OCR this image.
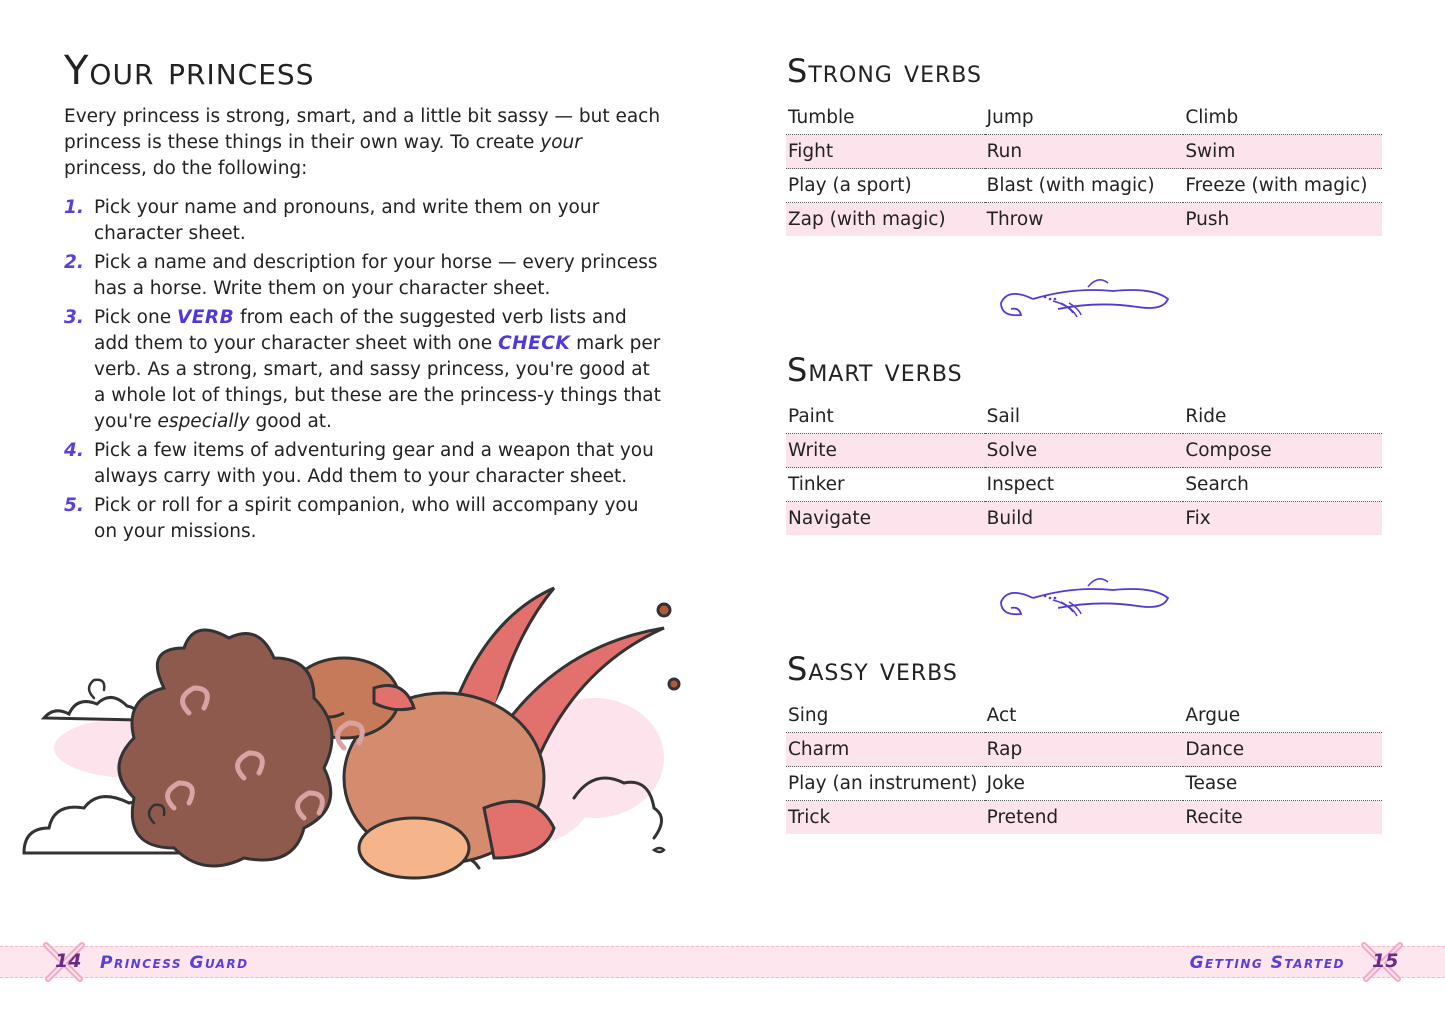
Your princess

Every princess is strong, smart, and a little bit sassy — but each princess is these things in their own way. To create your princess, do the following:

1. Pick your name and pronouns, and write them on your character sheet.
2. Pick a name and description for your horse — every princess has a horse. Write them on your character sheet.
3. Pick one VERB from each of the suggested verb lists and add them to your character sheet with one CHECK mark per verb. As a strong, smart, and sassy princess, you're good at a whole lot of things, but these are the princess-y things that you're especially good at.
4. Pick a few items of adventuring gear and a weapon that you always carry with you. Add them to your character sheet.
5. Pick or roll for a spirit companion, who will accompany you on your missions.
Strong verbs
Tumble	Jump	Climb
Fight	Run	Swim
Play (a sport)	Blast (with magic)	Freeze (with magic)
Zap (with magic)	Throw	Push
Smart verbs
Paint	Sail	Ride
Write	Solve	Compose
Tinker	Inspect	Search
Navigate	Build	Fix
Sassy verbs
Sing	Act	Argue
Charm	Rap	Dance
Play (an instrument)	Joke	Tease
Trick	Pretend	Recite
14 Princess Guard	Getting Started 15
